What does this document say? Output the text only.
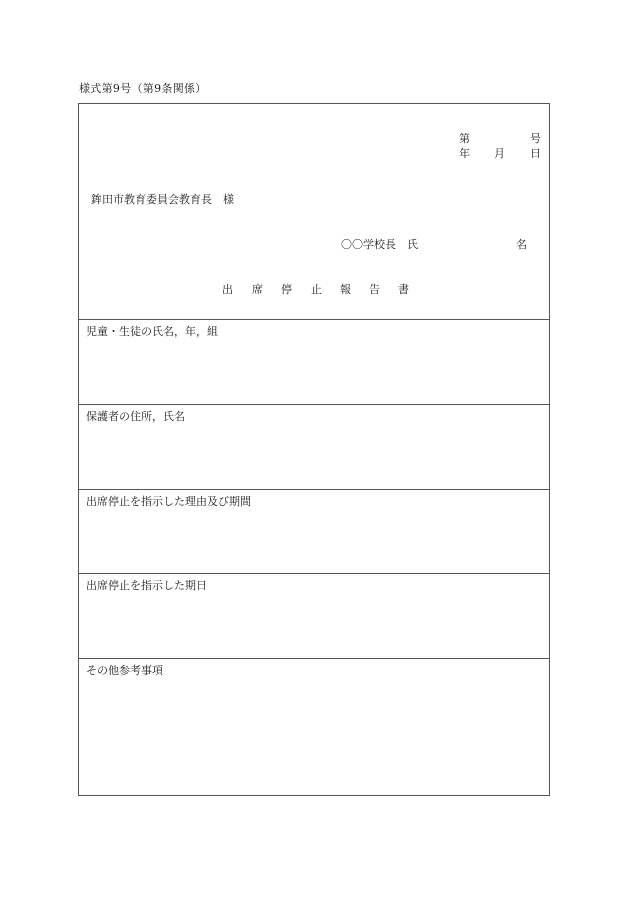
様式第9号（第9条関係）
第	号
年 月 日
鉾田市教育委員会教育長　様
〇〇学校長　氏	名
出 席 停 止 報 告 書
児童・生徒の氏名，年，組
保護者の住所，氏名
出席停止を指示した理由及び期間
出席停止を指示した期日
その他参考事項
